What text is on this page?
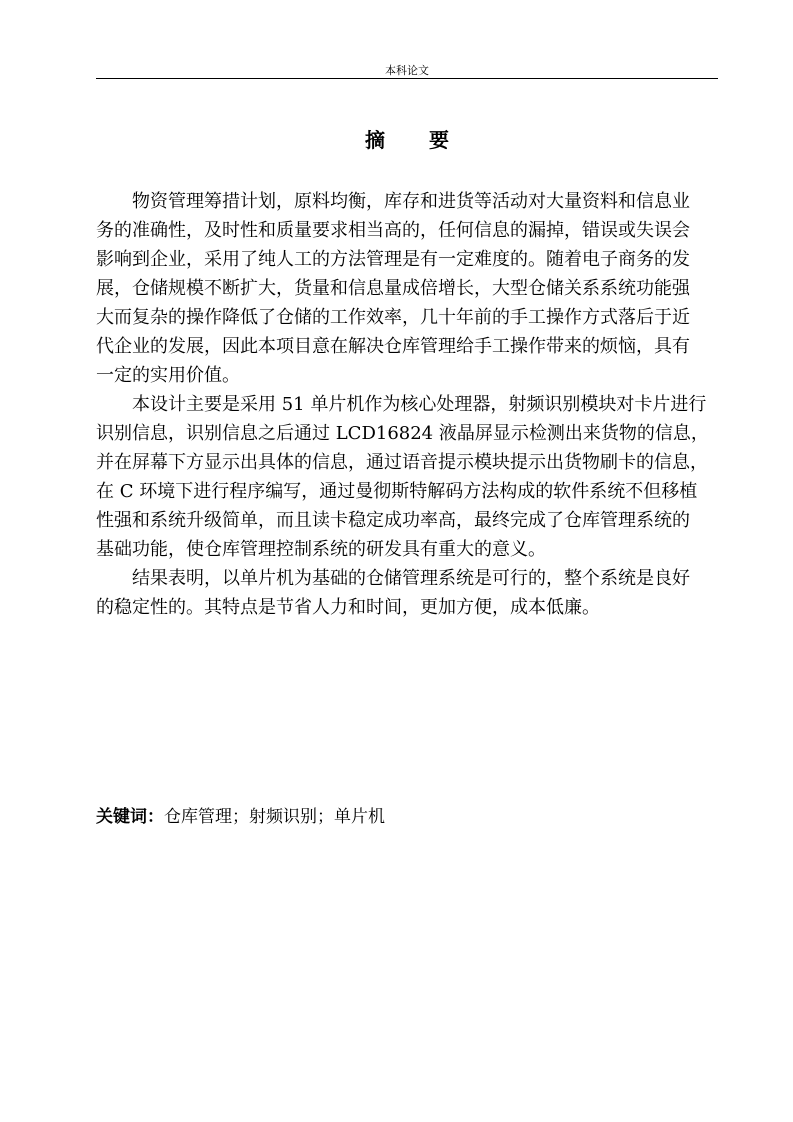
本科论文
摘要
　　物资管理筹措计划，原料均衡，库存和进货等活动对大量资料和信息业
务的准确性，及时性和质量要求相当高的，任何信息的漏掉，错误或失误会
影响到企业，采用了纯人工的方法管理是有一定难度的。随着电子商务的发
展，仓储规模不断扩大，货量和信息量成倍增长，大型仓储关系系统功能强
大而复杂的操作降低了仓储的工作效率，几十年前的手工操作方式落后于近
代企业的发展，因此本项目意在解决仓库管理给手工操作带来的烦恼，具有
一定的实用价值。
　　本设计主要是采用 51 单片机作为核心处理器，射频识别模块对卡片进行
识别信息，识别信息之后通过 LCD16824 液晶屏显示检测出来货物的信息，
并在屏幕下方显示出具体的信息，通过语音提示模块提示出货物刷卡的信息，
在 C 环境下进行程序编写，通过曼彻斯特解码方法构成的软件系统不但移植
性强和系统升级简单，而且读卡稳定成功率高，最终完成了仓库管理系统的
基础功能，使仓库管理控制系统的研发具有重大的意义。
　　结果表明，以单片机为基础的仓储管理系统是可行的，整个系统是良好
的稳定性的。其特点是节省人力和时间，更加方便，成本低廉。
关键词：仓库管理；射频识别；单片机
